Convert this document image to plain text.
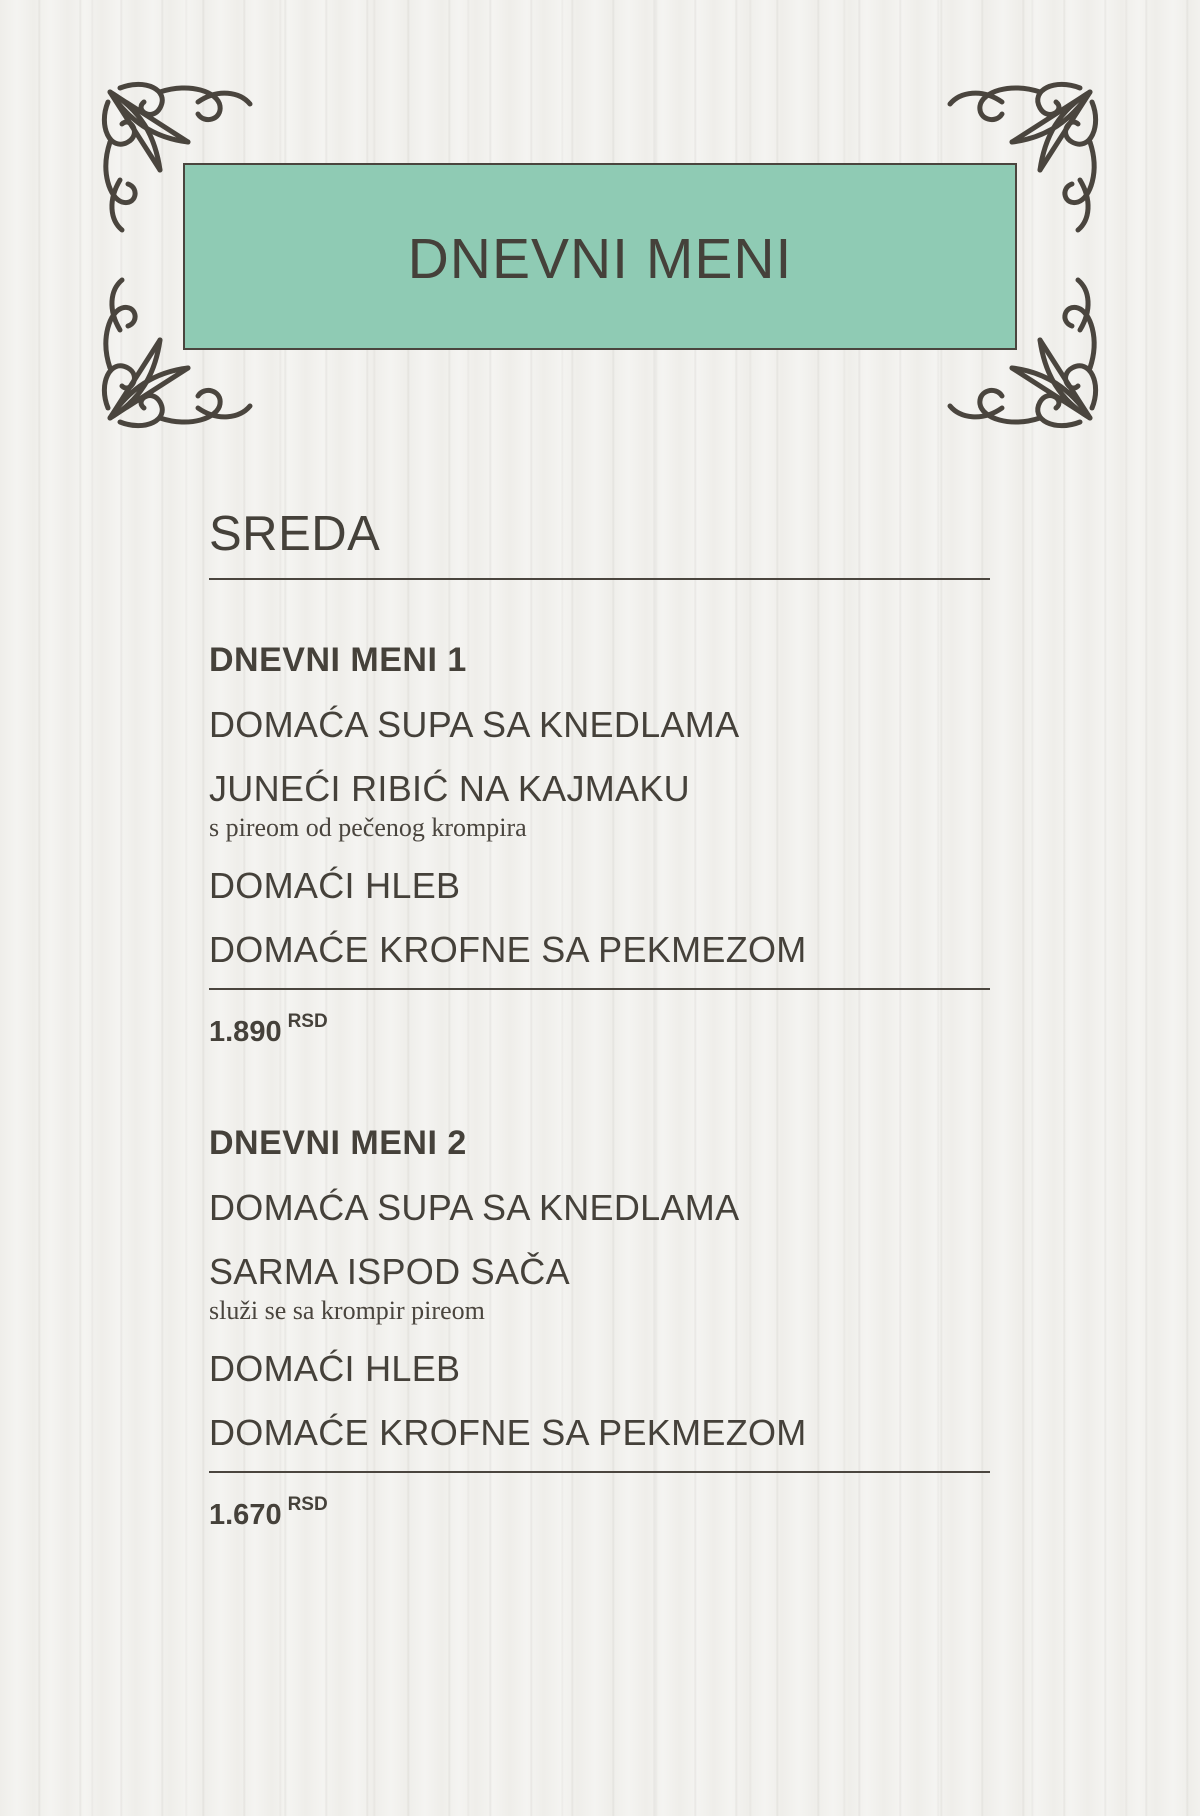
DNEVNI MENI
SREDA
DNEVNI MENI 1
DOMAĆA SUPA SA KNEDLAMA
JUNEĆI RIBIĆ NA KAJMAKU
s pireom od pečenog krompira
DOMAĆI HLEB
DOMAĆE KROFNE SA PEKMEZOM
1.890 $^{RSD}$
DNEVNI MENI 2
DOMAĆA SUPA SA KNEDLAMA
SARMA ISPOD SAČA
služi se sa krompir pireom
DOMAĆI HLEB
DOMAĆE KROFNE SA PEKMEZOM
1.670 $^{RSD}$
